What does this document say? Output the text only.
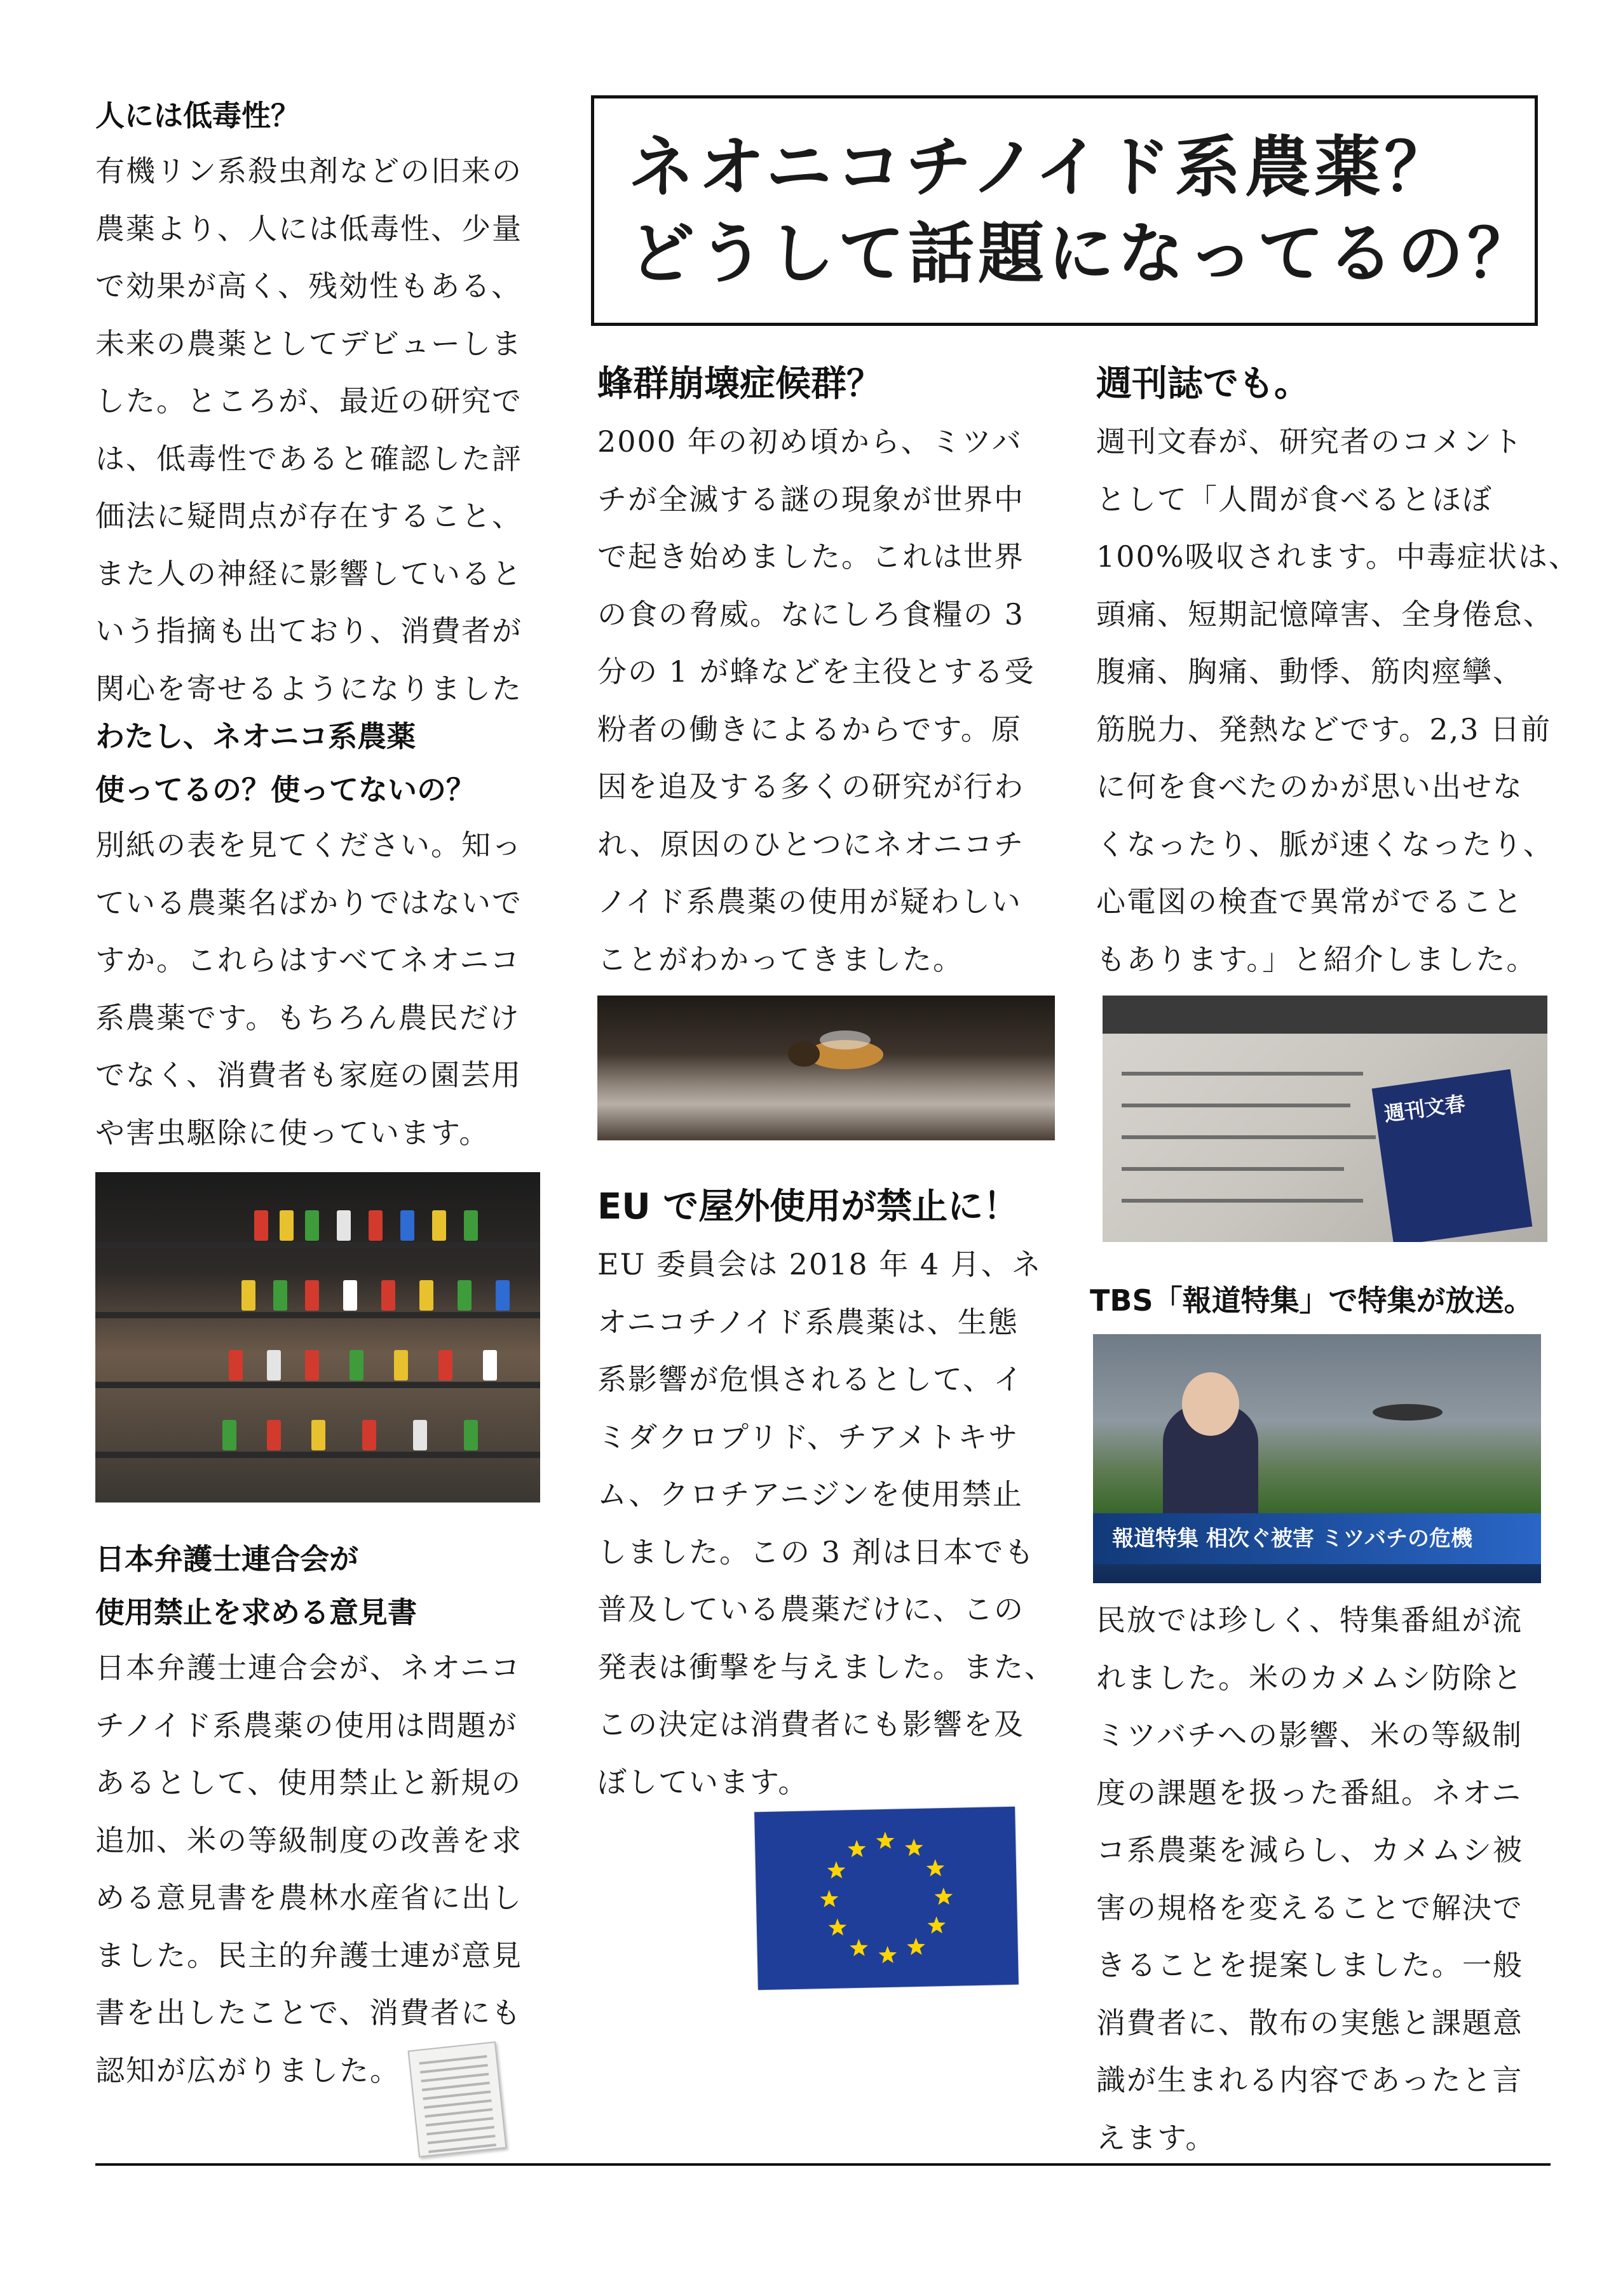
ネオニコチノイド系農薬？
どうして話題になってるの？
人には低毒性？

有機リン系殺虫剤などの旧来の

農薬より、人には低毒性、少量

で効果が高く、残効性もある、

未来の農薬としてデビューしま

した。ところが、最近の研究で

は、低毒性であると確認した評

価法に疑問点が存在すること、

また人の神経に影響していると

いう指摘も出ており、消費者が

関心を寄せるようになりました

わたし、ネオニコ系農薬
使ってるの？使ってないの？

別紙の表を見てください。知っ

ている農薬名ばかりではないで

すか。これらはすべてネオニコ

系農薬です。もちろん農民だけ

でなく、消費者も家庭の園芸用

や害虫駆除に使っています。

日本弁護士連合会が
使用禁止を求める意見書

日本弁護士連合会が、ネオニコ

チノイド系農薬の使用は問題が

あるとして、使用禁止と新規の

追加、米の等級制度の改善を求

める意見書を農林水産省に出し

ました。民主的弁護士連が意見

書を出したことで、消費者にも

認知が広がりました。

蜂群崩壊症候群？

2000 年の初め頃から、ミツバ

チが全滅する謎の現象が世界中

で起き始めました。これは世界

の食の脅威。なにしろ食糧の 3

分の 1 が蜂などを主役とする受

粉者の働きによるからです。原

因を追及する多くの研究が行わ

れ、原因のひとつにネオニコチ

ノイド系農薬の使用が疑わしい

ことがわかってきました。

EU で屋外使用が禁止に！

EU 委員会は 2018 年 4 月、ネ

オニコチノイド系農薬は、生態

系影響が危惧されるとして、イ

ミダクロプリド、チアメトキサ

ム、クロチアニジンを使用禁止

しました。この 3 剤は日本でも

普及している農薬だけに、この

発表は衝撃を与えました。また、

この決定は消費者にも影響を及

ぼしています。

週刊誌でも。

週刊文春が、研究者のコメント

として「人間が食べるとほぼ

100%吸収されます。中毒症状は、

頭痛、短期記憶障害、全身倦怠、

腹痛、胸痛、動悸、筋肉痙攣、

筋脱力、発熱などです。2,3 日前

に何を食べたのかが思い出せな

くなったり、脈が速くなったり、

心電図の検査で異常がでること

もあります。」と紹介しました。

週刊文春
TBS「報道特集」で特集が放送。
報道特集 相次ぐ被害 ミツバチの危機

民放では珍しく、特集番組が流

れました。米のカメムシ防除と

ミツバチへの影響、米の等級制

度の課題を扱った番組。ネオニ

コ系農薬を減らし、カメムシ被

害の規格を変えることで解決で

きることを提案しました。一般

消費者に、散布の実態と課題意

識が生まれる内容であったと言

えます。
